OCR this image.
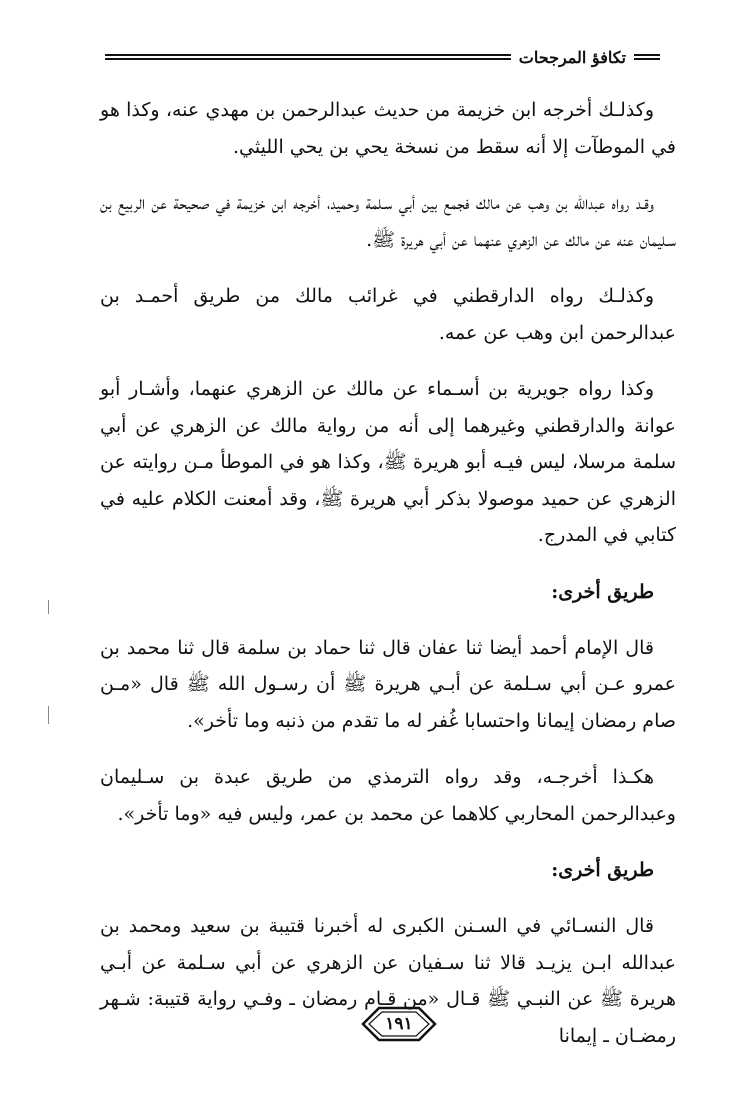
تكافؤ المرجحات

وكذلـك أخرجه ابن خزيمة من حديث عبدالرحمن بن مهدي عنه، وكذا هو في الموطآت إلا أنه سقط من نسخة يحي بن يحي الليثي.

وقـد رواه عبدالله بن وهب عن مالك فجمع بين أبي سـلمة وحميد، أخرجه ابن خزيمة في صحيحة عن الربيع بن سـليمان عنه عن مالك عن الزهري عنهما عن أبي هريرة ﷺ.

وكذلـك رواه الدارقطني في غرائب مالك من طريق أحمـد بن عبدالرحمن ابن وهب عن عمه.

وكذا رواه جويرية بن أسـماء عن مالك عن الزهري عنهما، وأشـار أبو عوانة والدارقطني وغيرهما إلى أنه من رواية مالك عن الزهري عن أبي سلمة مرسلا، ليس فيـه أبو هريرة ﷺ، وكذا هو في الموطأ مـن روايته عن الزهري عن حميد موصولا بذكر أبي هريرة ﷺ، وقد أمعنت الكلام عليه في كتابي في المدرج.

طريق أخرى:

قال الإمام أحمد أيضا ثنا عفان قال ثنا حماد بن سلمة قال ثنا محمد بن عمرو عـن أبي سـلمة عن أبـي هريرة ﷺ أن رسـول الله ﷺ قال «مـن صام رمضان إيمانا واحتسابا غُفر له ما تقدم من ذنبه وما تأخر».

هكـذا أخرجـه، وقد رواه الترمذي من طريق عبدة بن سـليمان وعبدالرحمن المحاربي كلاهما عن محمد بن عمر، وليس فيه «وما تأخر».

طريق أخرى:

قال النسـائي في السـنن الكبرى له أخبرنا قتيبة بن سعيد ومحمد بن عبدالله ابـن يزيـد قالا ثنا سـفيان عن الزهري عن أبي سـلمة عن أبـي هريرة ﷺ عن النبـي ﷺ قـال «من قـام رمضان ـ وفـي رواية قتيبة: شـهر رمضـان ـ إيمانا

١٩١
